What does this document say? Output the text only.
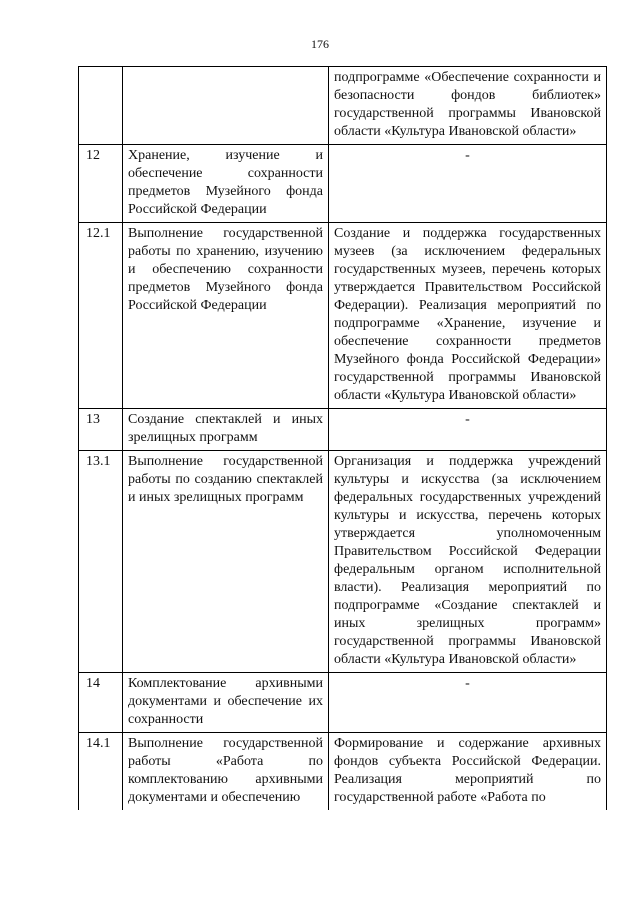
176
		подпрограмме «Обеспечение сохранности и безопасности фондов библиотек» государственной программы Ивановской области «Культура Ивановской области»
12	Хранение, изучение и обеспечение сохранности предметов Музейного фонда Российской Федерации	-
12.1	Выполнение государственной работы по хранению, изучению и обеспечению сохранности предметов Музейного фонда Российской Федерации	Создание и поддержка государственных музеев (за исключением федеральных государственных музеев, перечень которых утверждается Правительством Российской Федерации). Реализация мероприятий по подпрограмме «Хранение, изучение и обеспечение сохранности предметов Музейного фонда Российской Федерации» государственной программы Ивановской области «Культура Ивановской области»
13	Создание спектаклей и иных зрелищных программ	-
13.1	Выполнение государственной работы по созданию спектаклей и иных зрелищных программ	Организация и поддержка учреждений культуры и искусства (за исключением федеральных государственных учреждений культуры и искусства, перечень которых утверждается уполномоченным Правительством Российской Федерации федеральным органом исполнительной власти). Реализация мероприятий по подпрограмме «Создание спектаклей и иных зрелищных программ» государственной программы Ивановской области «Культура Ивановской области»
14	Комплектование архивными документами и обеспечение их сохранности	-
14.1	Выполнение государственной работы «Работа по комплектованию архивными документами и обеспечению	Формирование и содержание архивных фондов субъекта Российской Федерации. Реализация мероприятий по государственной работе «Работа по
